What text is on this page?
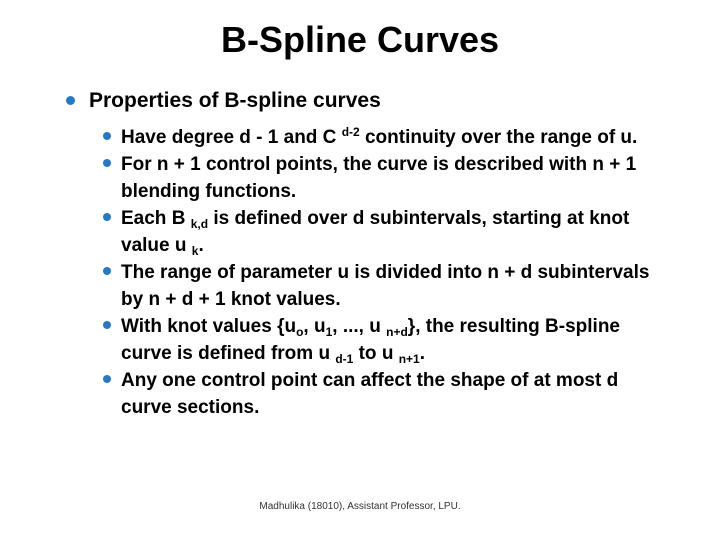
B-Spline Curves
Properties of B-spline curves
Have degree d - 1 and C $^{d-2}$ continuity over the range of u.
For n + 1 control points, the curve is described with n + 1 blending functions.
Each B $_{k,d}$ is defined over d subintervals, starting at knot value u $_k$.
The range of parameter u is divided into n + d subintervals by n + d + 1 knot values.
With knot values {$u_o$, $u_1$, ..., u $_{n+d}$}, the resulting B-spline curve is defined from u $_{d-1}$ to u $_{n+1}$.
Any one control point can affect the shape of at most d curve sections.
Madhulika (18010), Assistant Professor, LPU.
